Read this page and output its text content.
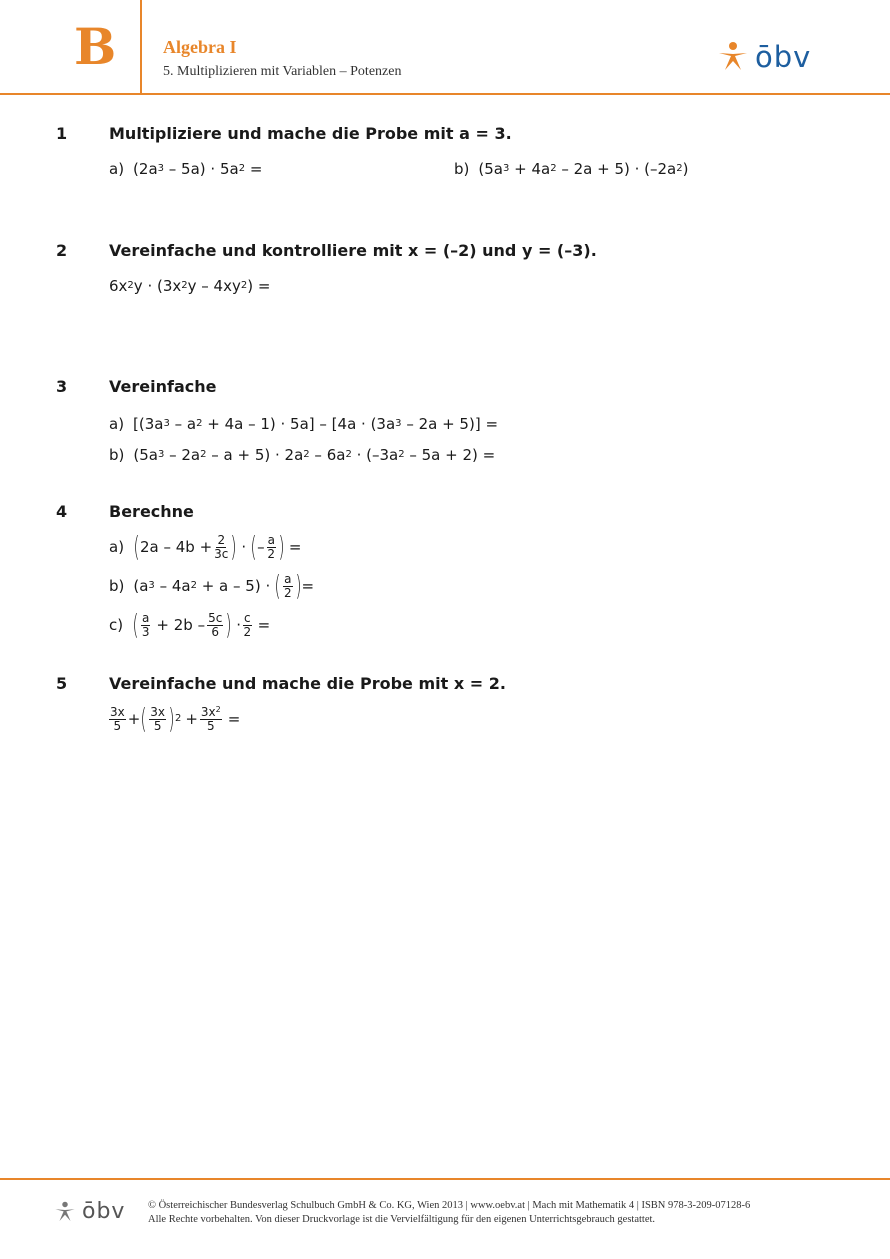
B	Algebra I
5. Multiplizieren mit Variablen – Potenzen	ōbv
1	Multipliziere und mache die Probe mit a = 3.
a) (2a 3 – 5a) · 5a 2 =	b) (5a 3 + 4a 2 – 2a + 5) · (–2a 2 )
2	Vereinfache und kontrolliere mit x = (–2) und y = (–3).
6x 2 y · (3x 2 y – 4xy 2 ) =
3	Vereinfache
a) [(3a 3 – a 2 + 4a – 1) · 5a] – [4a · (3a 3 – 2a + 5)] =
b) (5a 3 – 2a 2 – a + 5) · 2a 2 – 6a 2 · (–3a 2 – 5a + 2) =
4	Berechne
a) ( $2a - 4b + \frac{2}{3c}$ ) · ( – $\frac{a}{2}$ ) =
b) (a 3 – 4a 2 + a – 5) · ( $\frac{a}{2}$ ) =
c) ( $\frac{a}{3} + 2b - \frac{5c}{6}$ ) · $\frac{c}{2}$ =
5	Vereinfache und mache die Probe mit x = 2.
$\frac{3x}{5}$ + ( $\frac{3x}{5}$ ) $2 + \frac{3x^2}{5}$ =
ōbv © Österreichischer Bundesverlag Schulbuch GmbH & Co. KG, Wien 2013 | www.oebv.at | Mach mit Mathematik 4 | ISBN 978-3-209-07128-6
Alle Rechte vorbehalten. Von dieser Druckvorlage ist die Vervielfältigung für den eigenen Unterrichtsgebrauch gestattet.
